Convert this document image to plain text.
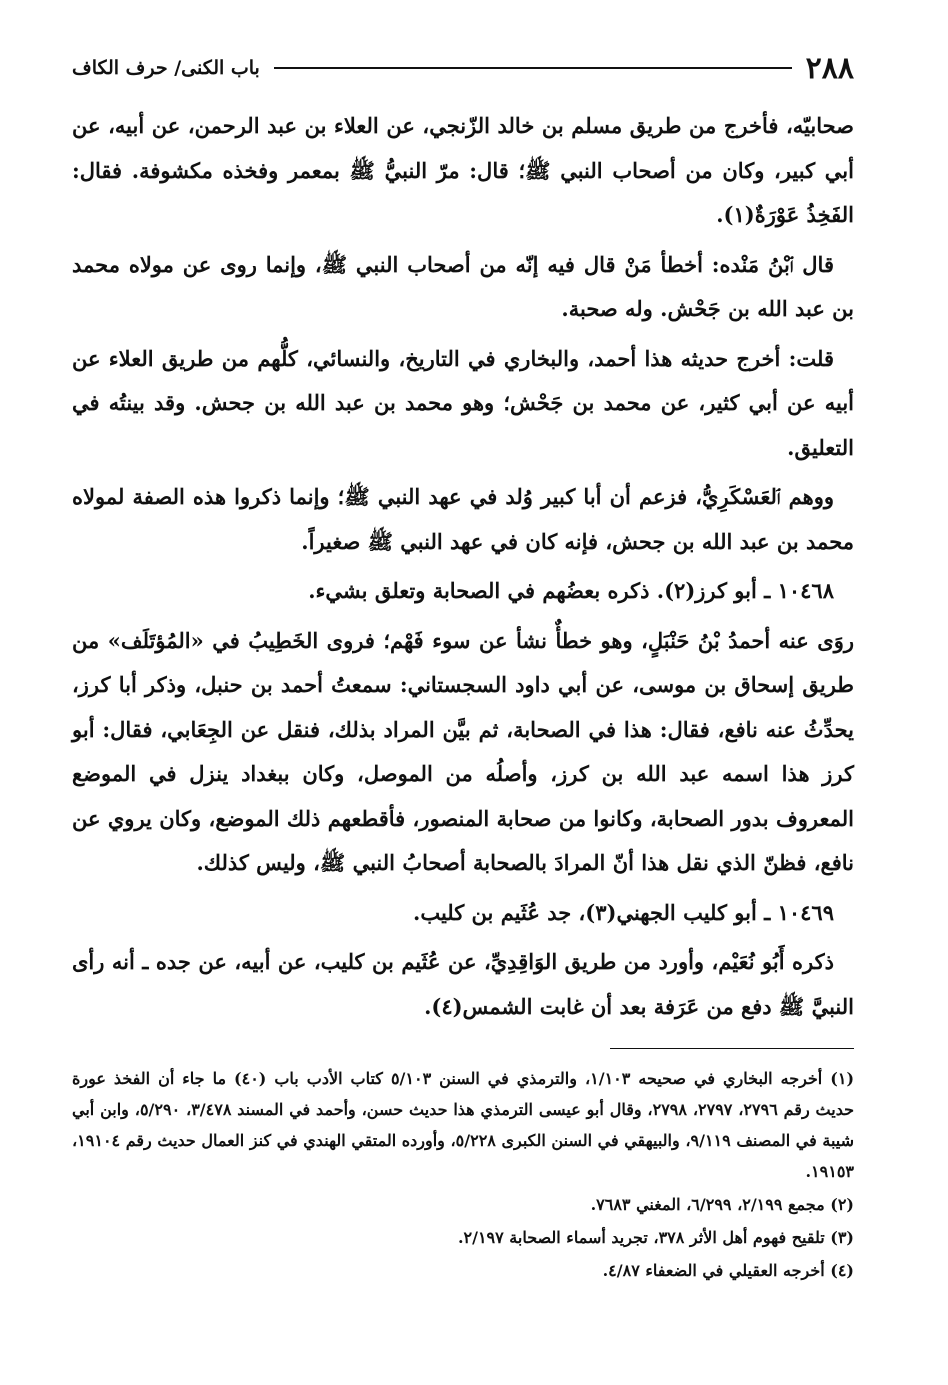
٢٨٨
باب الكنى/ حرف الكاف

صحابيّه، فأخرج من طريق مسلم بن خالد الزّنجي، عن العلاء بن عبد الرحمن، عن أبيه، عن أبي كبير، وكان من أصحاب النبي ﷺ؛ قال: مرّ النبيُّ ﷺ بمعمر وفخذه مكشوفة. فقال: الفَخِذُ عَوْرَةٌ(١).

قال ٱبْنُ مَنْده: أخطأ مَنْ قال فيه إنّه من أصحاب النبي ﷺ، وإنما روى عن مولاه محمد بن عبد الله بن جَحْش. وله صحبة.

قلت: أخرج حديثه هذا أحمد، والبخاري في التاريخ، والنسائي، كلُّهم من طريق العلاء عن أبيه عن أبي كثير، عن محمد بن جَحْش؛ وهو محمد بن عبد الله بن جحش. وقد بينتُه في التعليق.

ووهم ٱلعَسْكَرِيُّ، فزعم أن أبا كبير وُلد في عهد النبي ﷺ؛ وإنما ذكروا هذه الصفة لمولاه محمد بن عبد الله بن جحش، فإنه كان في عهد النبي ﷺ صغيراً.

١٠٤٦٨ ـ أبو كرز(٢). ذكره بعضُهم في الصحابة وتعلق بشيء.

روَى عنه أحمدُ بْنُ حَنْبَلٍ، وهو خطأٌ نشأ عن سوء فَهْم؛ فروى الخَطِيبُ في «المُؤتَلَف» من طريق إسحاق بن موسى، عن أبي داود السجستاني: سمعتُ أحمد بن حنبل، وذكر أبا كرز، يحدِّثُ عنه نافع، فقال: هذا في الصحابة، ثم بيَّن المراد بذلك، فنقل عن الجِعَابي، فقال: أبو كرز هذا اسمه عبد الله بن كرز، وأصلُه من الموصل، وكان ببغداد ينزل في الموضع المعروف بدور الصحابة، وكانوا من صحابة المنصور، فأقطعهم ذلك الموضع، وكان يروي عن نافع، فظنّ الذي نقل هذا أنّ المرادَ بالصحابة أصحابُ النبي ﷺ، وليس كذلك.

١٠٤٦٩ ـ أبو كليب الجهني(٣)، جد عُثَيم بن كليب.

ذكره أَبُو نُعَيْم، وأورد من طريق الوَاقِدِيِّ، عن عُثَيم بن كليب، عن أبيه، عن جده ـ أنه رأى النبيَّ ﷺ دفع من عَرَفة بعد أن غابت الشمس(٤).

(١) أخرجه البخاري في صحيحه ١/١٠٣، والترمذي في السنن ٥/١٠٣ كتاب الأدب باب (٤٠) ما جاء أن الفخذ عورة حديث رقم ٢٧٩٦، ٢٧٩٧، ٢٧٩٨، وقال أبو عيسى الترمذي هذا حديث حسن، وأحمد في المسند ٣/٤٧٨، ٥/٢٩٠، وابن أبي شيبة في المصنف ٩/١١٩، والبيهقي في السنن الكبرى ٥/٢٢٨، وأورده المتقي الهندي في كنز العمال حديث رقم ١٩١٠٤، ١٩١٥٣.

(٢) مجمع ٢/١٩٩، ٦/٢٩٩، المغني ٧٦٨٣.

(٣) تلقيح فهوم أهل الأثر ٣٧٨، تجريد أسماء الصحابة ٢/١٩٧.

(٤) أخرجه العقيلي في الضعفاء ٤/٨٧.
